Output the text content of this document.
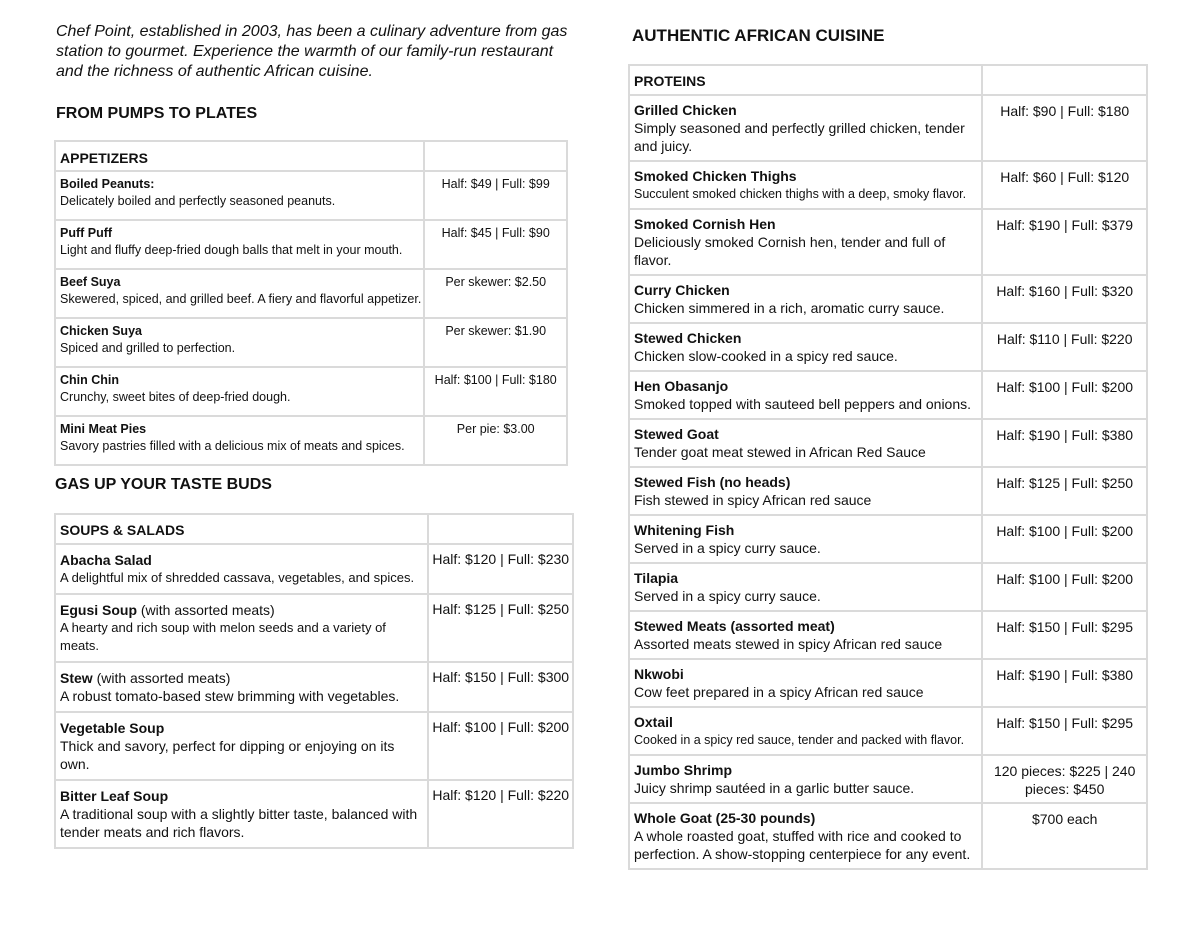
Chef Point, established in 2003, has been a culinary adventure from gas station to gourmet. Experience the warmth of our family-run restaurant and the richness of authentic African cuisine.

FROM PUMPS TO PLATES
GAS UP YOUR TASTE BUDS
AUTHENTIC AFRICAN CUISINE
APPETIZERS	

Boiled Peanuts:
Delicately boiled and perfectly seasoned peanuts.	Half: $49 | Full: $99

Puff Puff
Light and fluffy deep-fried dough balls that melt in your mouth.	Half: $45 | Full: $90

Beef Suya
Skewered, spiced, and grilled beef. A fiery and flavorful appetizer.	Per skewer: $2.50

Chicken Suya
Spiced and grilled to perfection.	Per skewer: $1.90

Chin Chin
Crunchy, sweet bites of deep-fried dough.	Half: $100 | Full: $180

Mini Meat Pies
Savory pastries filled with a delicious mix of meats and spices.	Per pie: $3.00
SOUPS & SALADS	

Abacha Salad
A delightful mix of shredded cassava, vegetables, and spices.	Half: $120 | Full: $230

Egusi Soup (with assorted meats)
A hearty and rich soup with melon seeds and a variety of meats.	Half: $125 | Full: $250

Stew (with assorted meats)
A robust tomato-based stew brimming with vegetables.	Half: $150 | Full: $300

Vegetable Soup
Thick and savory, perfect for dipping or enjoying on its own.	Half: $100 | Full: $200

Bitter Leaf Soup
A traditional soup with a slightly bitter taste, balanced with tender meats and rich flavors.	Half: $120 | Full: $220
PROTEINS	

Grilled Chicken
Simply seasoned and perfectly grilled chicken, tender and juicy.	Half: $90 | Full: $180

Smoked Chicken Thighs
Succulent smoked chicken thighs with a deep, smoky flavor.	Half: $60 | Full: $120

Smoked Cornish Hen
Deliciously smoked Cornish hen, tender and full of flavor.	Half: $190 | Full: $379

Curry Chicken
Chicken simmered in a rich, aromatic curry sauce.	Half: $160 | Full: $320

Stewed Chicken
Chicken slow-cooked in a spicy red sauce.	Half: $110 | Full: $220

Hen Obasanjo
Smoked topped with sauteed bell peppers and onions.	Half: $100 | Full: $200

Stewed Goat
Tender goat meat stewed in African Red Sauce	Half: $190 | Full: $380

Stewed Fish (no heads)
Fish stewed in spicy African red sauce	Half: $125 | Full: $250

Whitening Fish
Served in a spicy curry sauce.	Half: $100 | Full: $200

Tilapia
Served in a spicy curry sauce.	Half: $100 | Full: $200

Stewed Meats (assorted meat)
Assorted meats stewed in spicy African red sauce	Half: $150 | Full: $295

Nkwobi
Cow feet prepared in a spicy African red sauce	Half: $190 | Full: $380

Oxtail
Cooked in a spicy red sauce, tender and packed with flavor.	Half: $150 | Full: $295

Jumbo Shrimp
Juicy shrimp sautéed in a garlic butter sauce.	120 pieces: $225 | 240 pieces: $450

Whole Goat (25-30 pounds)
A whole roasted goat, stuffed with rice and cooked to perfection. A show-stopping centerpiece for any event.	$700 each
